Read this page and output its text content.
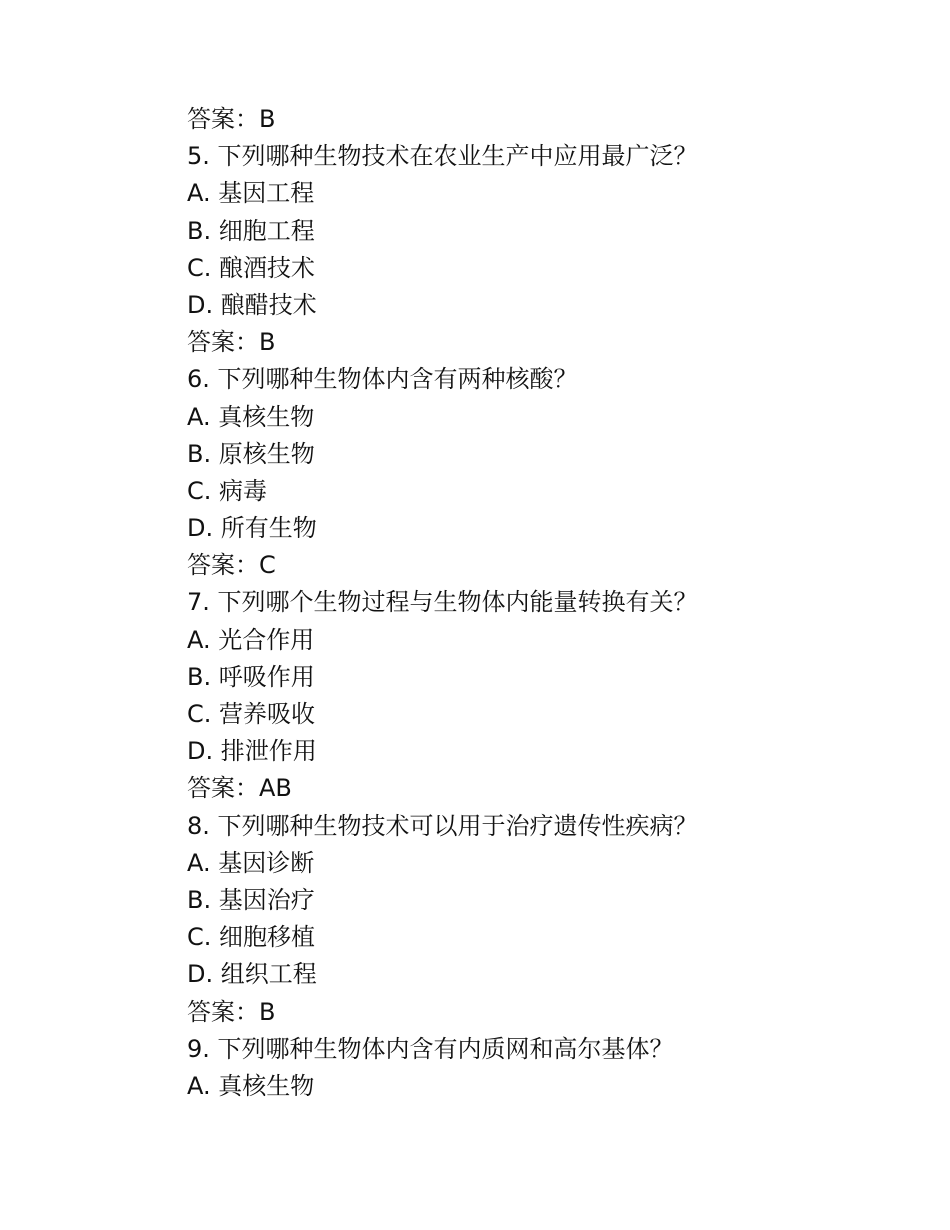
答案：B
5. 下列哪种生物技术在农业生产中应用最广泛？
A. 基因工程
B. 细胞工程
C. 酿酒技术
D. 酿醋技术
答案：B
6. 下列哪种生物体内含有两种核酸？
A. 真核生物
B. 原核生物
C. 病毒
D. 所有生物
答案：C
7. 下列哪个生物过程与生物体内能量转换有关？
A. 光合作用
B. 呼吸作用
C. 营养吸收
D. 排泄作用
答案：AB
8. 下列哪种生物技术可以用于治疗遗传性疾病？
A. 基因诊断
B. 基因治疗
C. 细胞移植
D. 组织工程
答案：B
9. 下列哪种生物体内含有内质网和高尔基体？
A. 真核生物
